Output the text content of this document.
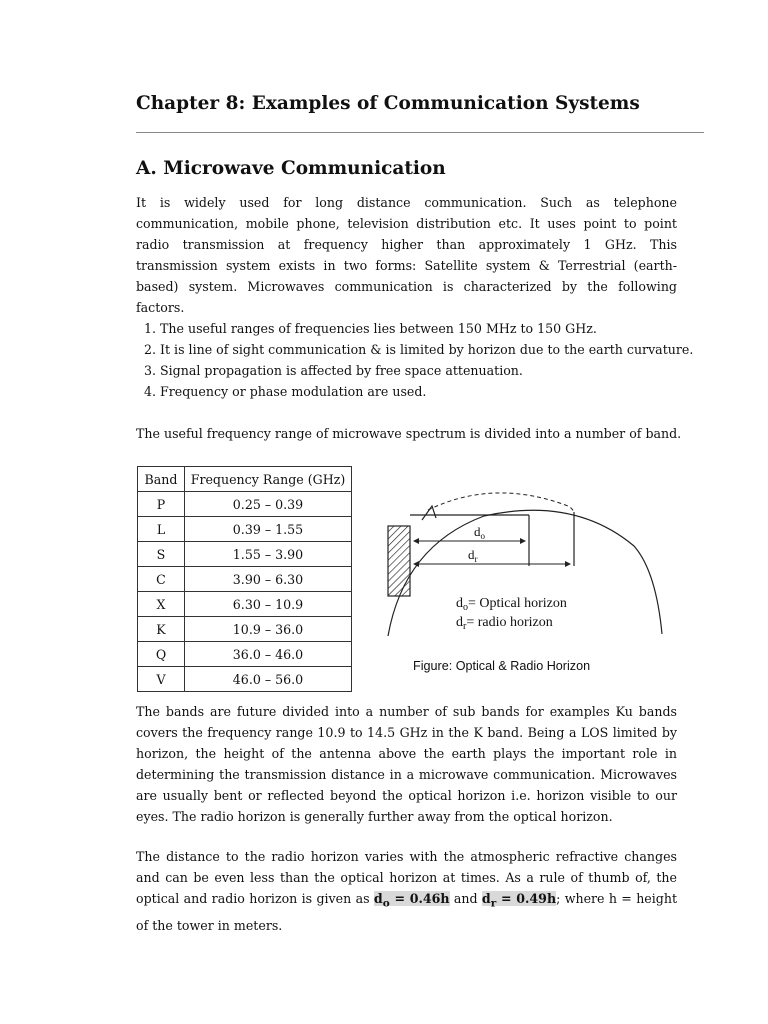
Chapter 8: Examples of Communication Systems
A. Microwave Communication

It is widely used for long distance communication. Such as telephone communication, mobile phone, television distribution etc. It uses point to point radio transmission at frequency higher than approximately 1 GHz. This transmission system exists in two forms: Satellite system & Terrestrial (earth-based) system. Microwaves communication is characterized by the following factors.

1. The useful ranges of frequencies lies between 150 MHz to 150 GHz.
2. It is line of sight communication & is limited by horizon due to the earth curvature.
3. Signal propagation is affected by free space attenuation.
4. Frequency or phase modulation are used.
The useful frequency range of microwave spectrum is divided into a number of band.
Band	Frequency Range (GHz)
P	0.25 – 0.39
L	0.39 – 1.55
S	1.55 – 3.90
C	3.90 – 6.30
X	6.30 – 10.9
K	10.9 – 36.0
Q	36.0 – 46.0
V	46.0 – 56.0
$d_o$
$d_r$
$d_o=$ Optical horizon
$d_r=$ radio horizon
Figure: Optical & Radio Horizon

The bands are future divided into a number of sub bands for examples Ku bands covers the frequency range 10.9 to 14.5 GHz in the K band. Being a LOS limited by horizon, the height of the antenna above the earth plays the important role in determining the transmission distance in a microwave communication. Microwaves are usually bent or reflected beyond the optical horizon i.e. horizon visible to our eyes. The radio horizon is generally further away from the optical horizon.

The distance to the radio horizon varies with the atmospheric refractive changes and can be even less than the optical horizon at times. As a rule of thumb of, the optical and radio horizon is given as $d_o = 0.46h$ and $d_r = 0.49h$; where h = height of the tower in meters.
